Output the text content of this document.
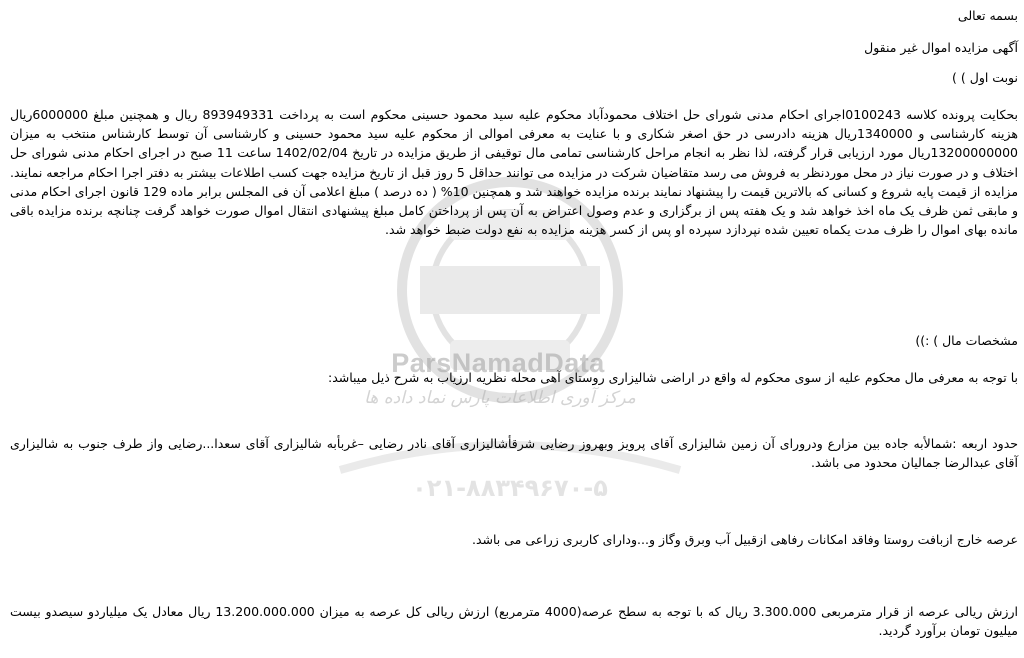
ParsNamadData
مرکز آوری اطلاعات پارس نماد داده ها
۰۲۱-۸۸۳۴۹۶۷۰-۵

بسمه تعالی

آگهی مزایده اموال غیر منقول

نوبت اول ) )

بحکایت پرونده کلاسه 0100243اجرای احکام مدنی شورای حل اختلاف محمودآباد محکوم علیه سید محمود حسینی محکوم است به پرداخت 893949331 ریال و همچنین مبلغ 6000000ریال هزینه کارشناسی و 1340000ریال هزینه دادرسی در حق اصغر شکاری و با عنایت به معرفی اموالی از محکوم علیه سید محمود حسینی و کارشناسی آن توسط کارشناس منتخب به میزان 13200000000ریال مورد ارزیابی قرار گرفته، لذا نظر به انجام مراحل کارشناسی تمامی مال توقیفی از طریق مزایده در تاریخ 1402/02/04 ساعت 11 صبح در اجرای احکام مدنی شورای حل اختلاف و در صورت نیاز در محل موردنظر به فروش می رسد متقاضیان شرکت در مزایده می توانند حداقل 5 روز قبل از تاریخ مزایده جهت کسب اطلاعات بیشتر به دفتر اجرا احکام مراجعه نمایند. مزایده از قیمت پایه شروع و کسانی که بالاترین قیمت را پیشنهاد نمایند برنده مزایده خواهند شد و همچنین 10% ( ده درصد ) مبلغ اعلامی آن فی المجلس برابر ماده 129 قانون اجرای احکام مدنی و مابقی ثمن ظرف یک ماه اخذ خواهد شد و یک هفته پس از برگزاری و عدم وصول اعتراض به آن پس از پرداختن کامل مبلغ پیشنهادی انتقال اموال صورت خواهد گرفت چنانچه برنده مزایده باقی مانده بهای اموال را ظرف مدت یکماه تعیین شده نپردازد سپرده او پس از کسر هزینه مزایده به نفع دولت ضبط خواهد شد.

مشخصات مال ) :))

با توجه به معرفی مال محکوم علیه از سوی محکوم له واقع در اراضی شالیزاری روستای آهی محله نظریه ارزیاب به شرح ذیل میباشد:

حدود اربعه :شمالأبه جاده بین مزارع ودرورای آن زمین شالیزاری آقای پرویز وبهروز رضایی شرقأشالیزاری آقای نادر رضایی –غربأبه شالیزاری آقای سعدا...رضایی واز طرف جنوب به شالیزاری آقای عبدالرضا جمالیان محدود می باشد.

عرصه خارج ازبافت روستا وفاقد امکانات رفاهی ازقبیل آب وبرق وگاز و...ودارای کاربری زراعی می باشد.

ارزش ریالی عرصه از قرار مترمربعی 3.300.000 ریال که با توجه به سطح عرصه(4000 مترمربع) ارزش ریالی کل عرصه به میزان 13.200.000.000 ریال معادل یک میلیاردو سیصدو بیست میلیون تومان برآورد گردید.
